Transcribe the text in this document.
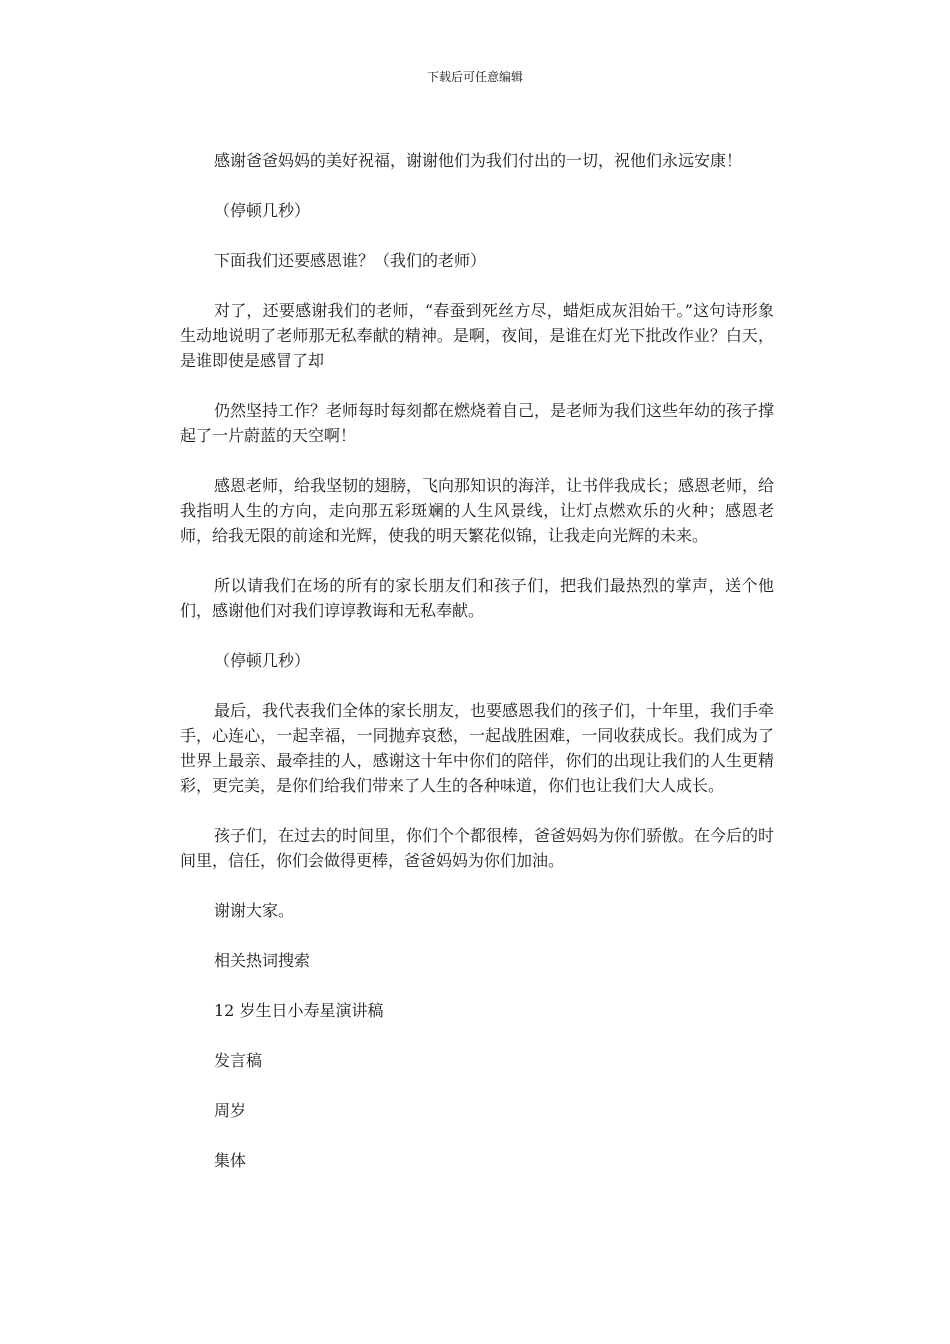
下载后可任意编辑

感谢爸爸妈妈的美好祝福，谢谢他们为我们付出的一切，祝他们永远安康！

（停顿几秒）

下面我们还要感恩谁？（我们的老师）

对了，还要感谢我们的老师，“春蚕到死丝方尽，蜡炬成灰泪始干。”这句诗形象生动地说明了老师那无私奉献的精神。是啊，夜间，是谁在灯光下批改作业？白天，是谁即使是感冒了却

仍然坚持工作？老师每时每刻都在燃烧着自己，是老师为我们这些年幼的孩子撑起了一片蔚蓝的天空啊！

感恩老师，给我坚韧的翅膀，飞向那知识的海洋，让书伴我成长；感恩老师，给我指明人生的方向，走向那五彩斑斓的人生风景线，让灯点燃欢乐的火种；感恩老师，给我无限的前途和光辉，使我的明天繁花似锦，让我走向光辉的未来。

所以请我们在场的所有的家长朋友们和孩子们，把我们最热烈的掌声，送个他们，感谢他们对我们谆谆教诲和无私奉献。

（停顿几秒）

最后，我代表我们全体的家长朋友，也要感恩我们的孩子们，十年里，我们手牵手，心连心，一起幸福，一同抛弃哀愁，一起战胜困难，一同收获成长。我们成为了世界上最亲、最牵挂的人，感谢这十年中你们的陪伴，你们的出现让我们的人生更精彩，更完美，是你们给我们带来了人生的各种味道，你们也让我们大人成长。

孩子们，在过去的时间里，你们个个都很棒，爸爸妈妈为你们骄傲。在今后的时间里，信任，你们会做得更棒，爸爸妈妈为你们加油。

谢谢大家。

相关热词搜索

12 岁生日小寿星演讲稿

发言稿

周岁

集体
